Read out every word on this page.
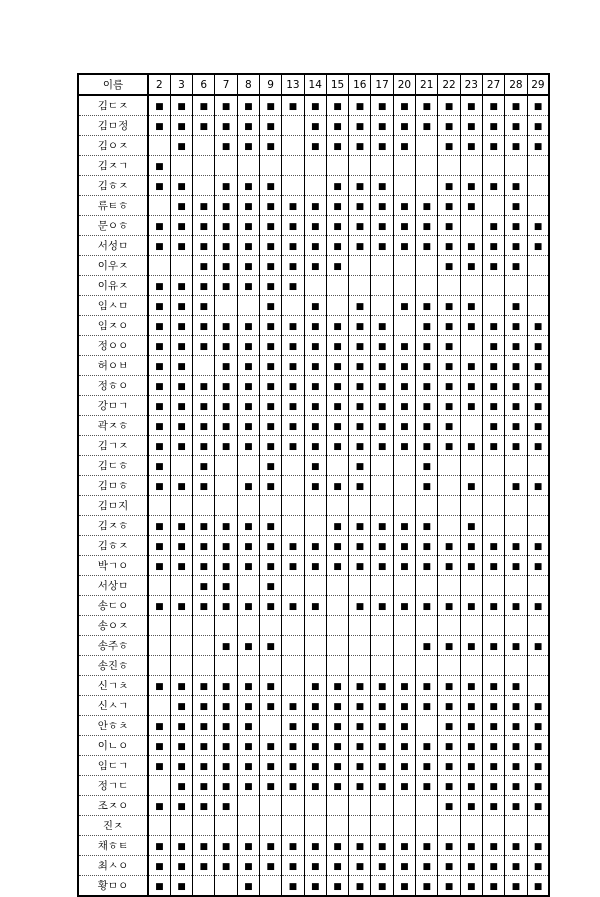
이름	2	3	6	7	8	9	13	14	15	16	17	20	21	22	23	27	28	29
김ㄷㅈ	■	■	■	■	■	■	■	■	■	■	■	■	■	■	■	■	■	■
김ㅁ정	■	■	■	■	■	■		■	■	■	■	■	■	■	■	■	■	■
김ㅇㅈ		■		■	■	■		■	■	■	■	■		■	■	■	■	■
김ㅈㄱ	■																	
김ㅎㅈ	■	■		■	■	■			■	■	■			■	■	■	■	
류ㅌㅎ		■	■	■	■	■	■	■	■	■	■	■	■	■	■		■	
문ㅇㅎ	■	■	■	■	■	■	■	■	■	■	■	■	■	■		■	■	■
서성ㅁ	■	■	■	■	■	■	■	■	■	■	■	■	■	■	■	■	■	■
이우ㅈ			■	■	■	■	■	■	■					■	■	■	■	
이유ㅈ	■	■	■	■	■	■	■											
임ㅅㅁ	■	■	■			■		■		■		■	■	■	■		■	
임ㅈㅇ	■	■	■	■	■	■	■	■	■	■	■		■	■	■	■	■	■
정ㅇㅇ	■	■	■	■	■	■	■	■	■	■	■	■	■	■		■	■	■
허ㅇㅂ	■	■		■	■	■	■	■	■	■	■	■	■	■	■	■	■	■
정ㅎㅇ	■	■	■	■	■	■	■	■	■	■	■	■	■	■	■	■	■	■
강ㅁㄱ	■	■	■	■	■	■	■	■	■	■	■	■	■	■	■	■	■	■
곽ㅈㅎ	■	■	■	■	■	■	■	■	■	■	■	■	■	■		■	■	■
김ㄱㅈ	■	■	■	■	■	■	■	■	■	■	■	■	■	■	■	■	■	■
김ㄷㅎ	■		■			■		■		■			■					
김ㅁㅎ	■	■	■		■	■		■	■	■			■		■		■	■
김ㅁ지																		
김ㅈㅎ	■	■	■	■	■	■			■	■	■	■	■		■			
김ㅎㅈ	■	■	■	■	■	■	■	■	■	■	■	■	■	■	■	■	■	■
박ㄱㅇ	■	■	■	■	■	■	■	■	■	■	■	■	■	■	■	■	■	■
서상ㅁ			■	■		■												
송ㄷㅇ	■	■	■	■	■	■	■	■		■	■	■	■	■	■	■	■	■
송ㅇㅈ																		
송주ㅎ				■	■	■							■	■	■	■	■	■
송진ㅎ																		
신ㄱㅊ	■	■	■	■	■	■		■	■	■	■	■	■	■	■	■	■	
신ㅅㄱ		■	■	■	■	■	■	■	■	■	■	■	■	■	■	■	■	■
안ㅎㅊ	■	■	■	■	■		■	■	■	■	■	■		■	■	■	■	■
이ㄴㅇ	■	■	■	■	■	■	■	■	■	■	■	■	■	■	■	■	■	■
임ㄷㄱ	■	■	■	■	■	■	■	■	■	■	■	■	■	■	■	■	■	■
정ㄱㄷ		■	■	■	■	■	■	■	■	■	■	■	■	■	■	■	■	■
조ㅈㅇ	■	■	■	■										■	■	■	■	■
진ㅈ																		
채ㅎㅌ	■	■	■	■	■	■	■	■	■	■	■	■	■	■	■	■	■	■
최ㅅㅇ	■	■	■	■	■	■	■	■	■	■	■	■	■	■	■	■	■	■
황ㅁㅇ	■	■			■		■	■	■	■	■	■	■	■	■	■	■	■
